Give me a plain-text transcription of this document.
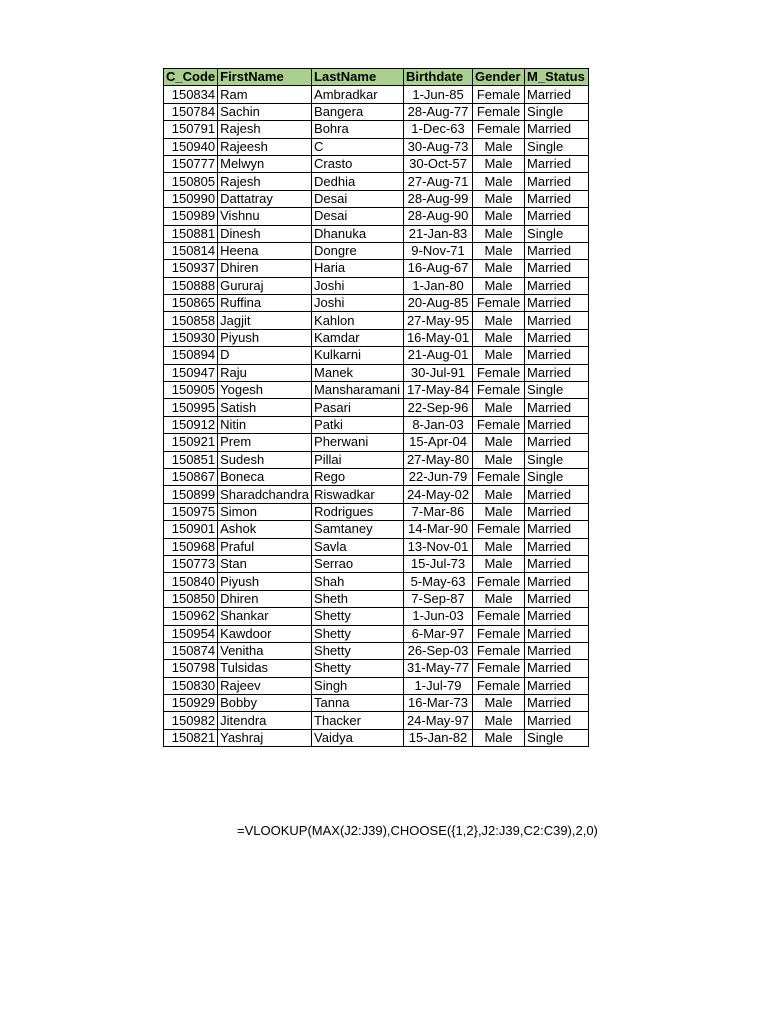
C_Code	FirstName	LastName	Birthdate	Gender	M_Status
150834	Ram	Ambradkar	1-Jun-85	Female	Married
150784	Sachin	Bangera	28-Aug-77	Female	Single
150791	Rajesh	Bohra	1-Dec-63	Female	Married
150940	Rajeesh	C	30-Aug-73	Male	Single
150777	Melwyn	Crasto	30-Oct-57	Male	Married
150805	Rajesh	Dedhia	27-Aug-71	Male	Married
150990	Dattatray	Desai	28-Aug-99	Male	Married
150989	Vishnu	Desai	28-Aug-90	Male	Married
150881	Dinesh	Dhanuka	21-Jan-83	Male	Single
150814	Heena	Dongre	9-Nov-71	Male	Married
150937	Dhiren	Haria	16-Aug-67	Male	Married
150888	Gururaj	Joshi	1-Jan-80	Male	Married
150865	Ruffina	Joshi	20-Aug-85	Female	Married
150858	Jagjit	Kahlon	27-May-95	Male	Married
150930	Piyush	Kamdar	16-May-01	Male	Married
150894	D	Kulkarni	21-Aug-01	Male	Married
150947	Raju	Manek	30-Jul-91	Female	Married
150905	Yogesh	Mansharamani	17-May-84	Female	Single
150995	Satish	Pasari	22-Sep-96	Male	Married
150912	Nitin	Patki	8-Jan-03	Female	Married
150921	Prem	Pherwani	15-Apr-04	Male	Married
150851	Sudesh	Pillai	27-May-80	Male	Single
150867	Boneca	Rego	22-Jun-79	Female	Single
150899	Sharadchandra	Riswadkar	24-May-02	Male	Married
150975	Simon	Rodrigues	7-Mar-86	Male	Married
150901	Ashok	Samtaney	14-Mar-90	Female	Married
150968	Praful	Savla	13-Nov-01	Male	Married
150773	Stan	Serrao	15-Jul-73	Male	Married
150840	Piyush	Shah	5-May-63	Female	Married
150850	Dhiren	Sheth	7-Sep-87	Male	Married
150962	Shankar	Shetty	1-Jun-03	Female	Married
150954	Kawdoor	Shetty	6-Mar-97	Female	Married
150874	Venitha	Shetty	26-Sep-03	Female	Married
150798	Tulsidas	Shetty	31-May-77	Female	Married
150830	Rajeev	Singh	1-Jul-79	Female	Married
150929	Bobby	Tanna	16-Mar-73	Male	Married
150982	Jitendra	Thacker	24-May-97	Male	Married
150821	Yashraj	Vaidya	15-Jan-82	Male	Single
=VLOOKUP(MAX(J2:J39),CHOOSE({1,2},J2:J39,C2:C39),2,0)
